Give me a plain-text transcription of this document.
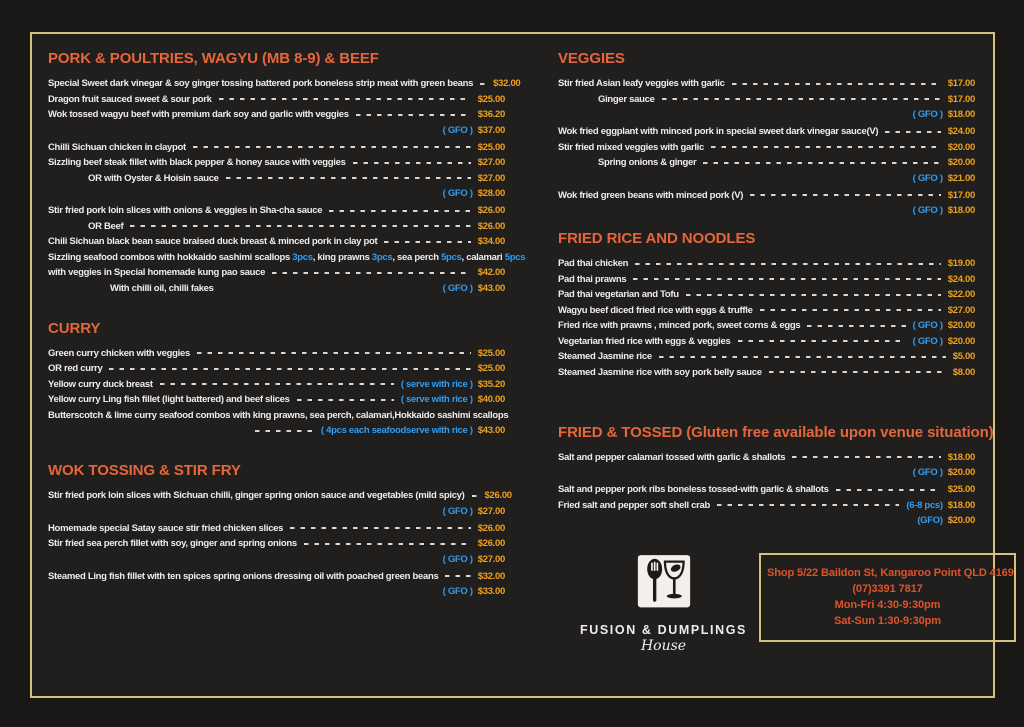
PORK & POULTRIES, WAGYU (MB 8-9) & BEEF
Special Sweet dark vinegar & soy ginger tossing battered pork boneless strip meat with green beans $32.00
Dragon fruit sauced sweet & sour pork	$25.00
Wok tossed wagyu beef with premium dark soy and garlic with veggies	$36.20
( GFO ) $37.00
Chilli Sichuan chicken in claypot	$25.00
Sizzling beef steak fillet with black pepper & honey sauce with veggies	$27.00
OR with Oyster & Hoisin sauce	$27.00
( GFO ) $28.00
Stir fried pork loin slices with onions & veggies in Sha-cha sauce	$26.00
OR Beef	$26.00
Chili Sichuan black bean sauce braised duck breast & minced pork in clay pot	$34.00
Sizzling seafood combos with hokkaido sashimi scallops 3pcs, king prawns 3pcs, sea perch 5pcs, calamari 5pcs
with veggies in Special homemade kung pao sauce	$42.00
With chilli oil, chilli fakes	( GFO ) $43.00
CURRY
Green curry chicken with veggies	$25.00
OR red curry	$25.00
Yellow curry duck breast	( serve with rice ) $35.20
Yellow curry Ling fish fillet (light battered) and beef slices	( serve with rice ) $40.00
Butterscotch & lime curry seafood combos with king prawns, sea perch, calamari,Hokkaido sashimi scallops
( 4pcs each seafoodserve with rice ) $43.00
WOK TOSSING & STIR FRY
Stir fried pork loin slices with Sichuan chilli, ginger spring onion sauce and vegetables (mild spicy) $26.00
( GFO ) $27.00
Homemade special Satay sauce stir fried chicken slices	$26.00
Stir fried sea perch fillet with soy, ginger and spring onions	$26.00
( GFO ) $27.00
Steamed Ling fish fillet with ten spices spring onions dressing oil with poached green beans	$32.00
( GFO ) $33.00
VEGGIES
Stir fried Asian leafy veggies with garlic	$17.00
Ginger sauce	$17.00
( GFO ) $18.00
Wok fried eggplant with minced pork in special sweet dark vinegar sauce(V)	$24.00
Stir fried mixed veggies with garlic	$20.00
Spring onions & ginger	$20.00
( GFO ) $21.00
Wok fried green beans with minced pork (V)	$17.00
( GFO ) $18.00
FRIED RICE AND NOODLES
Pad thai chicken	$19.00
Pad thai prawns	$24.00
Pad thai vegetarian and Tofu	$22.00
Wagyu beef diced fried rice with eggs & truffle	$27.00
Fried rice with prawns , minced pork, sweet corns & eggs	( GFO ) $20.00
Vegetarian fried rice with eggs & veggies	( GFO ) $20.00
Steamed Jasmine rice	$5.00
Steamed Jasmine rice with soy pork belly sauce	$8.00
FRIED & TOSSED (Gluten free available upon venue situation)
Salt and pepper calamari tossed with garlic & shallots	$18.00
( GFO ) $20.00
Salt and pepper pork ribs boneless tossed-with garlic & shallots	$25.00
Fried salt and pepper soft shell crab	(6-8 pcs) $18.00
(GFO) $20.00
FUSION & DUMPLINGS
House
Shop 5/22 Baildon St, Kangaroo Point QLD 4169
(07)3391 7817
Mon-Fri 4:30-9:30pm
Sat-Sun 1:30-9:30pm
